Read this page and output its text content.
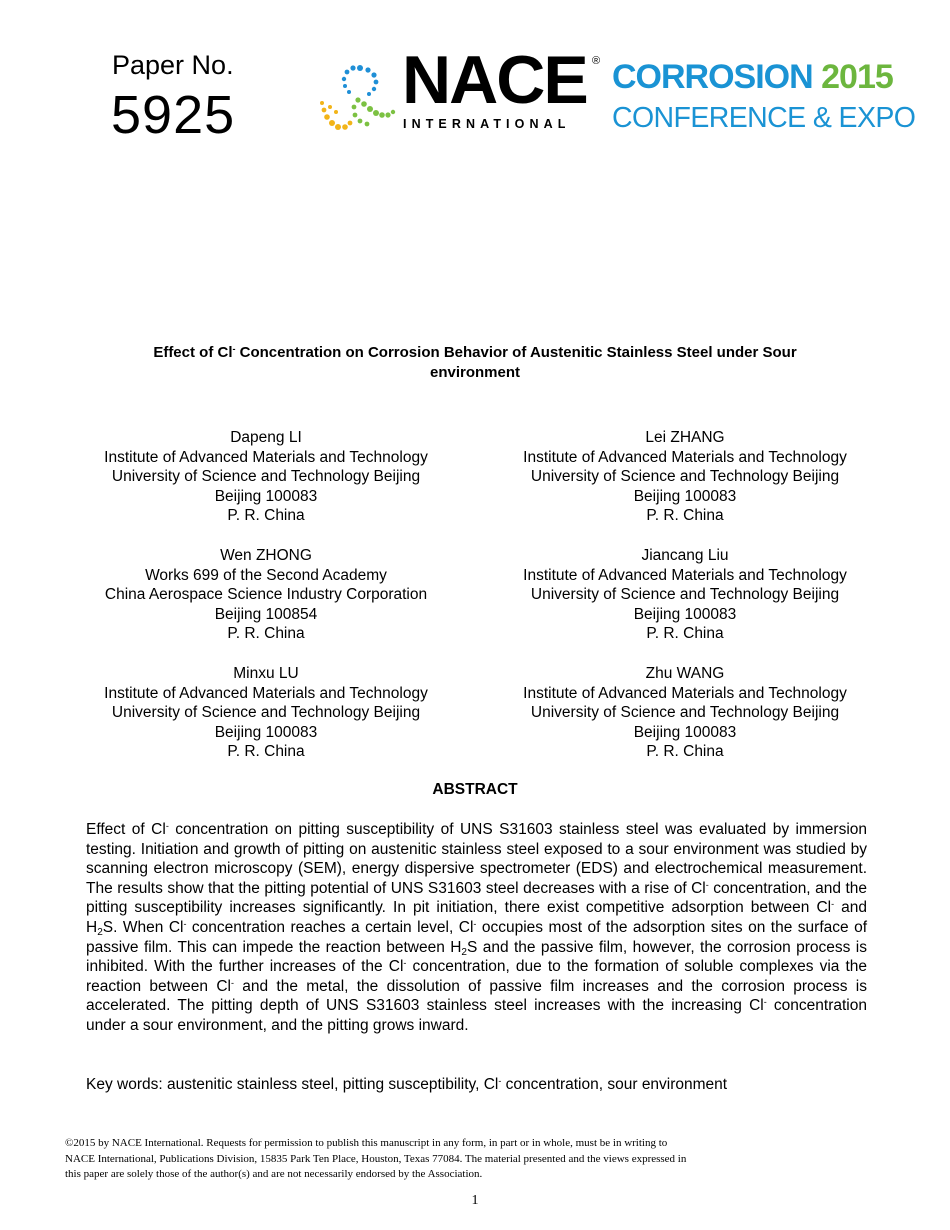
Paper No.
5925 NACE ®
INTERNATIONAL
CORROSION 2015
CONFERENCE & EXPO
Effect of Cl- Concentration on Corrosion Behavior of Austenitic Stainless Steel under Sour
environment
Dapeng LI
Institute of Advanced Materials and Technology
University of Science and Technology Beijing
Beijing 100083
P. R. China
Lei ZHANG
Institute of Advanced Materials and Technology
University of Science and Technology Beijing
Beijing 100083
P. R. China
Wen ZHONG
Works 699 of the Second Academy
China Aerospace Science Industry Corporation
Beijing 100854
P. R. China
Jiancang Liu
Institute of Advanced Materials and Technology
University of Science and Technology Beijing
Beijing 100083
P. R. China
Minxu LU
Institute of Advanced Materials and Technology
University of Science and Technology Beijing
Beijing 100083
P. R. China
Zhu WANG
Institute of Advanced Materials and Technology
University of Science and Technology Beijing
Beijing 100083
P. R. China
ABSTRACT
Effect of Cl- concentration on pitting susceptibility of UNS S31603 stainless steel was evaluated by immersion testing. Initiation and growth of pitting on austenitic stainless steel exposed to a sour environment was studied by scanning electron microscopy (SEM), energy dispersive spectrometer (EDS) and electrochemical measurement. The results show that the pitting potential of UNS S31603 steel decreases with a rise of Cl- concentration, and the pitting susceptibility increases significantly. In pit initiation, there exist competitive adsorption between Cl- and $H_2S$. When Cl- concentration reaches a certain level, Cl- occupies most of the adsorption sites on the surface of passive film. This can impede the reaction between $H_2S$ and the passive film, however, the corrosion process is inhibited. With the further increases of the Cl- concentration, due to the formation of soluble complexes via the reaction between Cl- and the metal, the dissolution of passive film increases and the corrosion process is accelerated. The pitting depth of UNS S31603 stainless steel increases with the increasing Cl- concentration under a sour environment, and the pitting grows inward.
Key words: austenitic stainless steel, pitting susceptibility, Cl- concentration, sour environment
©2015 by NACE International. Requests for permission to publish this manuscript in any form, in part or in whole, must be in writing to
NACE International, Publications Division, 15835 Park Ten Place, Houston, Texas 77084. The material presented and the views expressed in
this paper are solely those of the author(s) and are not necessarily endorsed by the Association.
1
